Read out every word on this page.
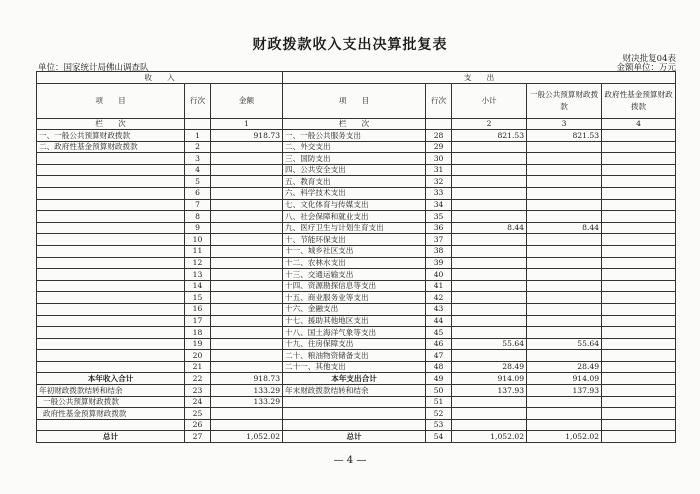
财政拨款收入支出决算批复表
财决批复04表
单位：国家统计局佛山调查队	金额单位：万元
收　　入			支　　出				
项　　目	行次	金额	项　　目	行次	小计	一般公共预算财政拨款	政府性基金预算财政拨款
栏　　次		1	栏　　次		2	3	4
一、一般公共预算财政拨款	1	918.73	一、一般公共服务支出	28	821.53	821.53	
二、政府性基金预算财政拨款	2		二、外交支出	29			
	3		三、国防支出	30			
	4		四、公共安全支出	31			
	5		五、教育支出	32			
	6		六、科学技术支出	33			
	7		七、文化体育与传媒支出	34			
	8		八、社会保障和就业支出	35			
	9		九、医疗卫生与计划生育支出	36	8.44	8.44	
	10		十、节能环保支出	37			
	11		十一、城乡社区支出	38			
	12		十二、农林水支出	39			
	13		十三、交通运输支出	40			
	14		十四、资源勘探信息等支出	41			
	15		十五、商业服务业等支出	42			
	16		十六、金融支出	43			
	17		十七、援助其他地区支出	44			
	18		十八、国土海洋气象等支出	45			
	19		十九、住房保障支出	46	55.64	55.64	
	20		二十、粮油物资储备支出	47			
	21		二十一、其他支出	48	28.49	28.49	
本年收入合计	22	918.73	本年支出合计	49	914.09	914.09	
年初财政拨款结转和结余	23	133.29	年末财政拨款结转和结余	50	137.93	137.93	
一般公共预算财政拨款	24	133.29		51			
政府性基金预算财政拨款	25			52			
	26			53			
总计	27	1,052.02	总计	54	1,052.02	1,052.02	
— 4 —
